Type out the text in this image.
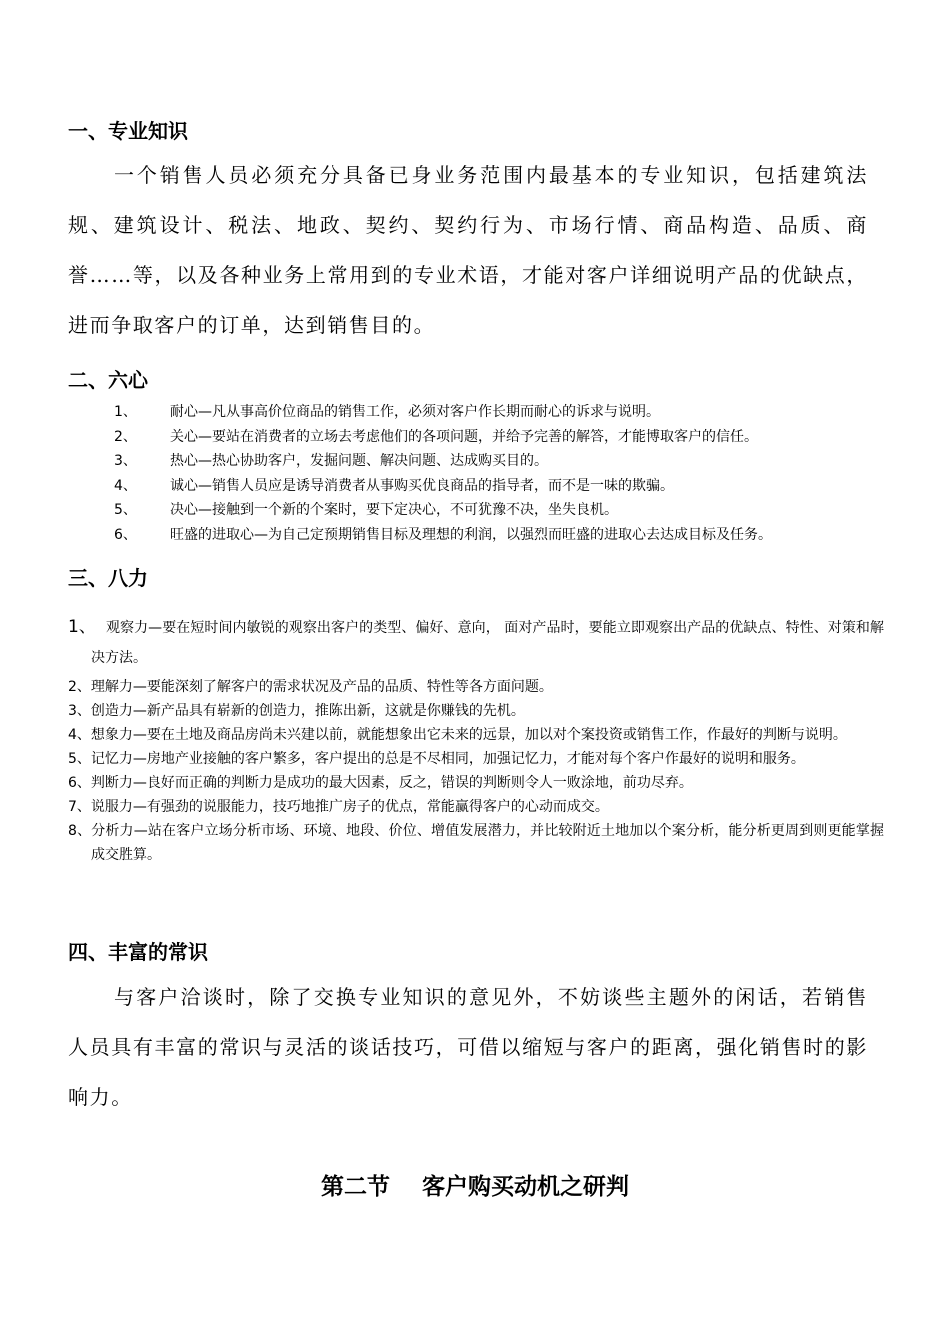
一、专业知识

一个销售人员必须充分具备已身业务范围内最基本的专业知识，包括建筑法规、建筑设计、税法、地政、契约、契约行为、市场行情、商品构造、品质、商誉……等，以及各种业务上常用到的专业术语，才能对客户详细说明产品的优缺点，进而争取客户的订单，达到销售目的。

二、六心
1、 耐心—凡从事高价位商品的销售工作，必须对客户作长期而耐心的诉求与说明。
2、 关心—要站在消费者的立场去考虑他们的各项问题，并给予完善的解答，才能博取客户的信任。
3、 热心—热心协助客户，发掘问题、解决问题、达成购买目的。
4、 诚心—销售人员应是诱导消费者从事购买优良商品的指导者，而不是一味的欺骗。
5、 决心—接触到一个新的个案时，要下定决心，不可犹豫不决，坐失良机。
6、 旺盛的进取心—为自己定预期销售目标及理想的利润，以强烈而旺盛的进取心去达成目标及任务。
三、八力
1、 观察力—要在短时间内敏锐的观察出客户的类型、偏好、意向， 面对产品时，要能立即观察出产品的优缺点、特性、对策和解决方法。
2、理解力—要能深刻了解客户的需求状况及产品的品质、特性等各方面问题。
3、创造力—新产品具有崭新的创造力，推陈出新，这就是你赚钱的先机。
4、想象力—要在土地及商品房尚未兴建以前，就能想象出它未来的远景，加以对个案投资或销售工作，作最好的判断与说明。
5、记忆力—房地产业接触的客户繁多，客户提出的总是不尽相同，加强记忆力，才能对每个客户作最好的说明和服务。
6、判断力—良好而正确的判断力是成功的最大因素，反之，错误的判断则令人一败涂地，前功尽弃。
7、说服力—有强劲的说服能力，技巧地推广房子的优点，常能赢得客户的心动而成交。
8、分析力—站在客户立场分析市场、环境、地段、价位、增值发展潜力，并比较附近土地加以个案分析，能分析更周到则更能掌握成交胜算。
四、丰富的常识

与客户洽谈时，除了交换专业知识的意见外，不妨谈些主题外的闲话，若销售人员具有丰富的常识与灵活的谈话技巧，可借以缩短与客户的距离，强化销售时的影响力。

第二节    客户购买动机之研判
